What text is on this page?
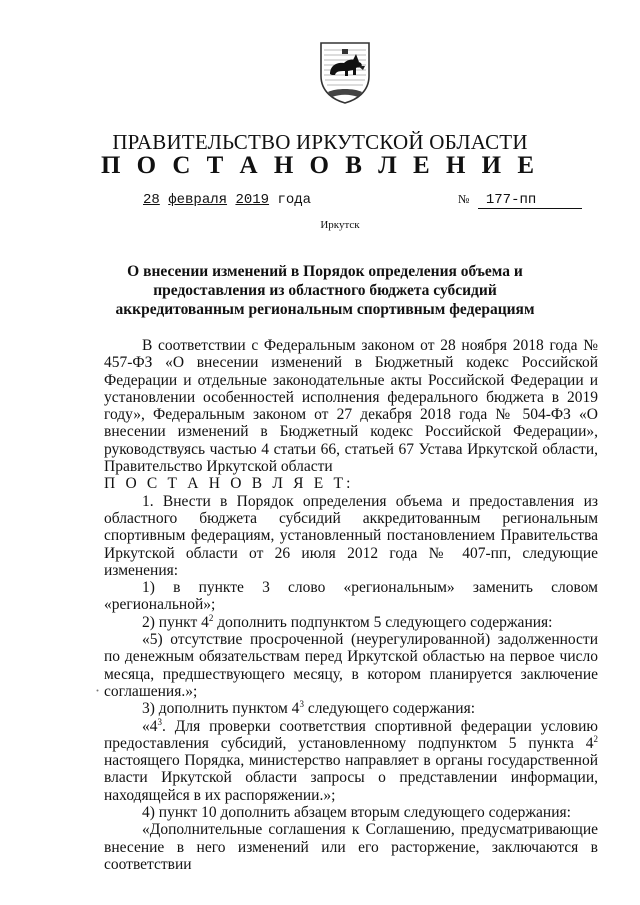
ПРАВИТЕЛЬСТВО ИРКУТСКОЙ ОБЛАСТИ
П О С Т А Н О В Л Е Н И Е
28 февраля 2019 года	№ 177-пп
Иркутск
О внесении изменений в Порядок определения объема и предоставления из областного бюджета субсидий аккредитованным региональным спортивным федерациям

В соответствии с Федеральным законом от 28 ноября 2018 года № 457-ФЗ «О внесении изменений в Бюджетный кодекс Российской Федерации и отдельные законодательные акты Российской Федерации и установлении особенностей исполнения федерального бюджета в 2019 году», Федеральным законом от 27 декабря 2018 года № 504-ФЗ «О внесении изменений в Бюджетный кодекс Российской Федерации», руководствуясь частью 4 статьи 66, статьей 67 Устава Иркутской области, Правительство Иркутской области

П О С Т А Н О В Л Я Е Т:

1. Внести в Порядок определения объема и предоставления из областного бюджета субсидий аккредитованным региональным спортивным федерациям, установленный постановлением Правительства Иркутской области от 26 июля 2012 года № 407-пп, следующие изменения:

1) в пункте 3 слово «региональным» заменить словом «региональной»;

2) пункт $4^2$ дополнить подпунктом 5 следующего содержания:

«5) отсутствие просроченной (неурегулированной) задолженности по денежным обязательствам перед Иркутской областью на первое число месяца, предшествующего месяцу, в котором планируется заключение соглашения.»;

3) дополнить пунктом $4^3$ следующего содержания:

«$4^3$. Для проверки соответствия спортивной федерации условию предоставления субсидий, установленному подпунктом 5 пункта $4^2$ настоящего Порядка, министерство направляет в органы государственной власти Иркутской области запросы о представлении информации, находящейся в их распоряжении.»;

4) пункт 10 дополнить абзацем вторым следующего содержания:

«Дополнительные соглашения к Соглашению, предусматривающие внесение в него изменений или его расторжение, заключаются в соответствии
